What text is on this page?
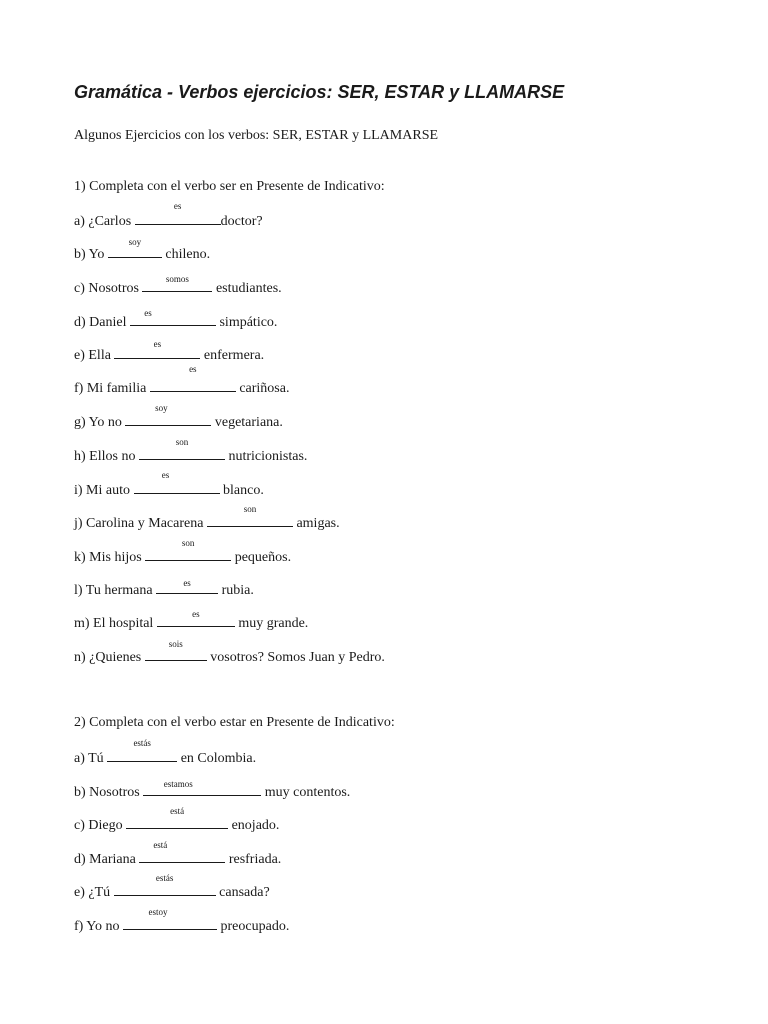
Gramática - Verbos ejercicios: SER, ESTAR y LLAMARSE

Algunos Ejercicios con los verbos: SER, ESTAR y LLAMARSE

1) Completa con el verbo ser en Presente de Indicativo:

a) ¿Carlos
es
doctor?
b) Yo
soy
chileno.
c) Nosotros
somos
estudiantes.
d) Daniel
es
simpático.
e) Ella
es
enfermera.
f) Mi familia
es
cariñosa.
g) Yo no
soy
vegetariana.
h) Ellos no
son
nutricionistas.
i) Mi auto
es
blanco.
j) Carolina y Macarena
son
amigas.
k) Mis hijos
son
pequeños.
l) Tu hermana	es	rubia.
m) El hospital
es
muy grande.
n) ¿Quienes
sois
vosotros? Somos Juan y Pedro.

2) Completa con el verbo estar en Presente de Indicativo:

a) Tú
estás
en Colombia.
b) Nosotros
estamos
muy contentos.
c) Diego
está
enojado.
d) Mariana
está
resfriada.
e) ¿Tú
estás
cansada?
f) Yo no
estoy
preocupado.
